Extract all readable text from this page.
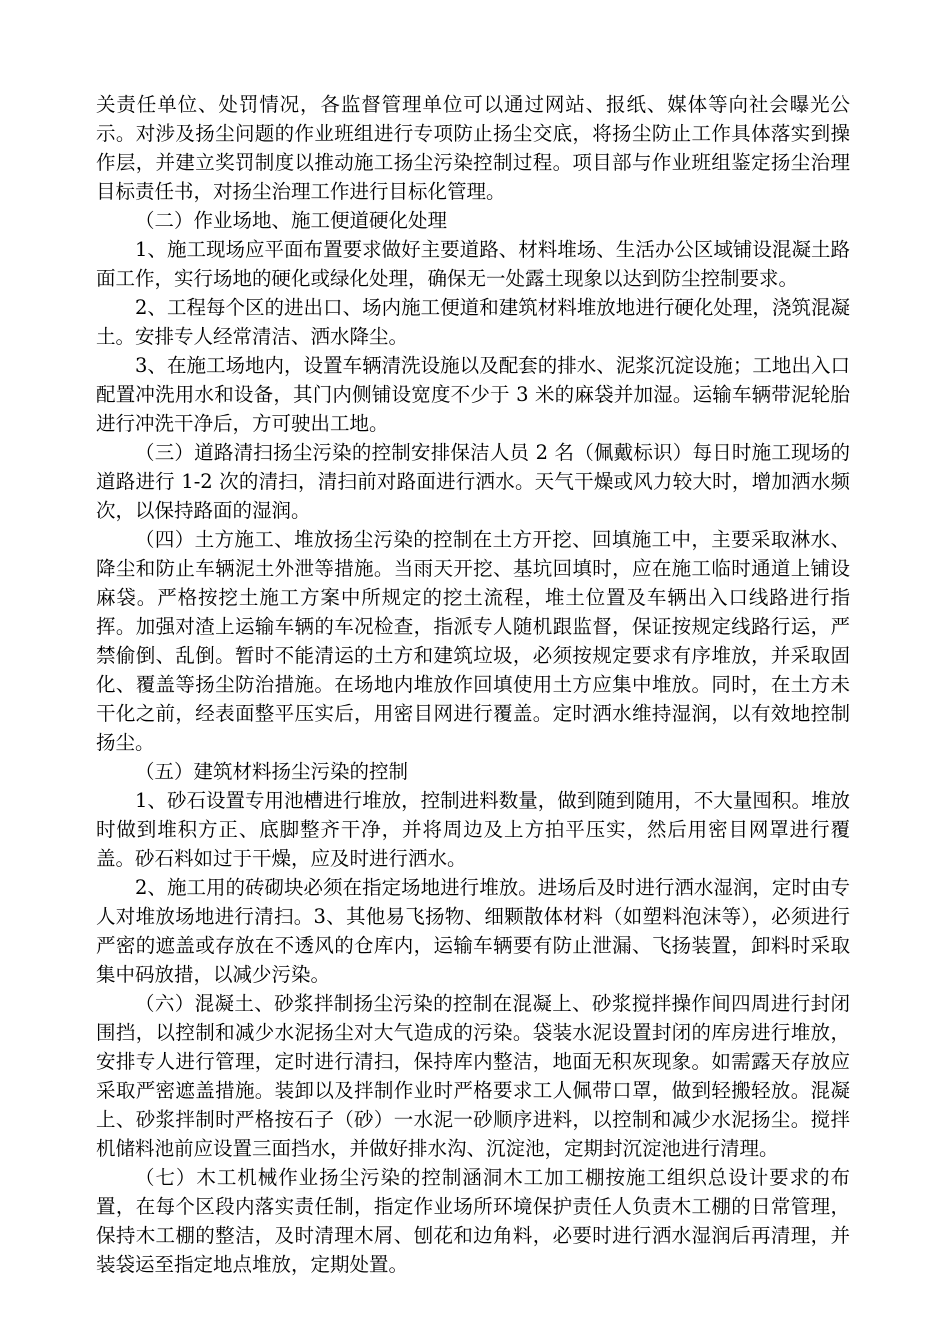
关责任单位、处罚情况，各监督管理单位可以通过网站、报纸、媒体等向社会曝光公示。对涉及扬尘问题的作业班组进行专项防止扬尘交底，将扬尘防止工作具体落实到操作层，并建立奖罚制度以推动施工扬尘污染控制过程。项目部与作业班组鉴定扬尘治理目标责任书，对扬尘治理工作进行目标化管理。

（二）作业场地、施工便道硬化处理

1、施工现场应平面布置要求做好主要道路、材料堆场、生活办公区域铺设混凝土路面工作，实行场地的硬化或绿化处理，确保无一处露土现象以达到防尘控制要求。

2、工程每个区的进出口、场内施工便道和建筑材料堆放地进行硬化处理，浇筑混凝土。安排专人经常清洁、洒水降尘。

3、在施工场地内，设置车辆清洗设施以及配套的排水、泥浆沉淀设施；工地出入口配置冲洗用水和设备，其门内侧铺设宽度不少于 3 米的麻袋并加湿。运输车辆带泥轮胎进行冲洗干净后，方可驶出工地。

（三）道路清扫扬尘污染的控制安排保洁人员 2 名（佩戴标识）每日时施工现场的道路进行 1-2 次的清扫，清扫前对路面进行洒水。天气干燥或风力较大时，增加洒水频次，以保持路面的湿润。

（四）土方施工、堆放扬尘污染的控制在土方开挖、回填施工中，主要采取淋水、降尘和防止车辆泥土外泄等措施。当雨天开挖、基坑回填时，应在施工临时通道上铺设麻袋。严格按挖土施工方案中所规定的挖土流程，堆土位置及车辆出入口线路进行指挥。加强对渣上运输车辆的车况检查，指派专人随机跟监督，保证按规定线路行运，严禁偷倒、乱倒。暂时不能清运的土方和建筑垃圾，必须按规定要求有序堆放，并采取固化、覆盖等扬尘防治措施。在场地内堆放作回填使用土方应集中堆放。同时，在土方未干化之前，经表面整平压实后，用密目网进行覆盖。定时洒水维持湿润，以有效地控制扬尘。

（五）建筑材料扬尘污染的控制

1、砂石设置专用池槽进行堆放，控制进料数量，做到随到随用，不大量囤积。堆放时做到堆积方正、底脚整齐干净，并将周边及上方拍平压实，然后用密目网罩进行覆盖。砂石料如过于干燥，应及时进行洒水。

2、施工用的砖砌块必须在指定场地进行堆放。进场后及时进行洒水湿润，定时由专人对堆放场地进行清扫。3、其他易飞扬物、细颗散体材料（如塑料泡沫等），必须进行严密的遮盖或存放在不透风的仓库内，运输车辆要有防止泄漏、飞扬装置，卸料时采取集中码放措，以减少污染。

（六）混凝土、砂浆拌制扬尘污染的控制在混凝上、砂浆搅拌操作间四周进行封闭围挡，以控制和减少水泥扬尘对大气造成的污染。袋装水泥设置封闭的库房进行堆放，安排专人进行管理，定时进行清扫，保持库内整洁，地面无积灰现象。如需露天存放应采取严密遮盖措施。装卸以及拌制作业时严格要求工人佩带口罩，做到轻搬轻放。混凝上、砂浆拌制时严格按石子（砂）一水泥一砂顺序进料，以控制和减少水泥扬尘。搅拌机储料池前应设置三面挡水，并做好排水沟、沉淀池，定期封沉淀池进行清理。

（七）木工机械作业扬尘污染的控制涵洞木工加工棚按施工组织总设计要求的布置，在每个区段内落实责任制，指定作业场所环境保护责任人负责木工棚的日常管理，保持木工棚的整洁，及时清理木屑、刨花和边角料，必要时进行洒水湿润后再清理，并装袋运至指定地点堆放，定期处置。
